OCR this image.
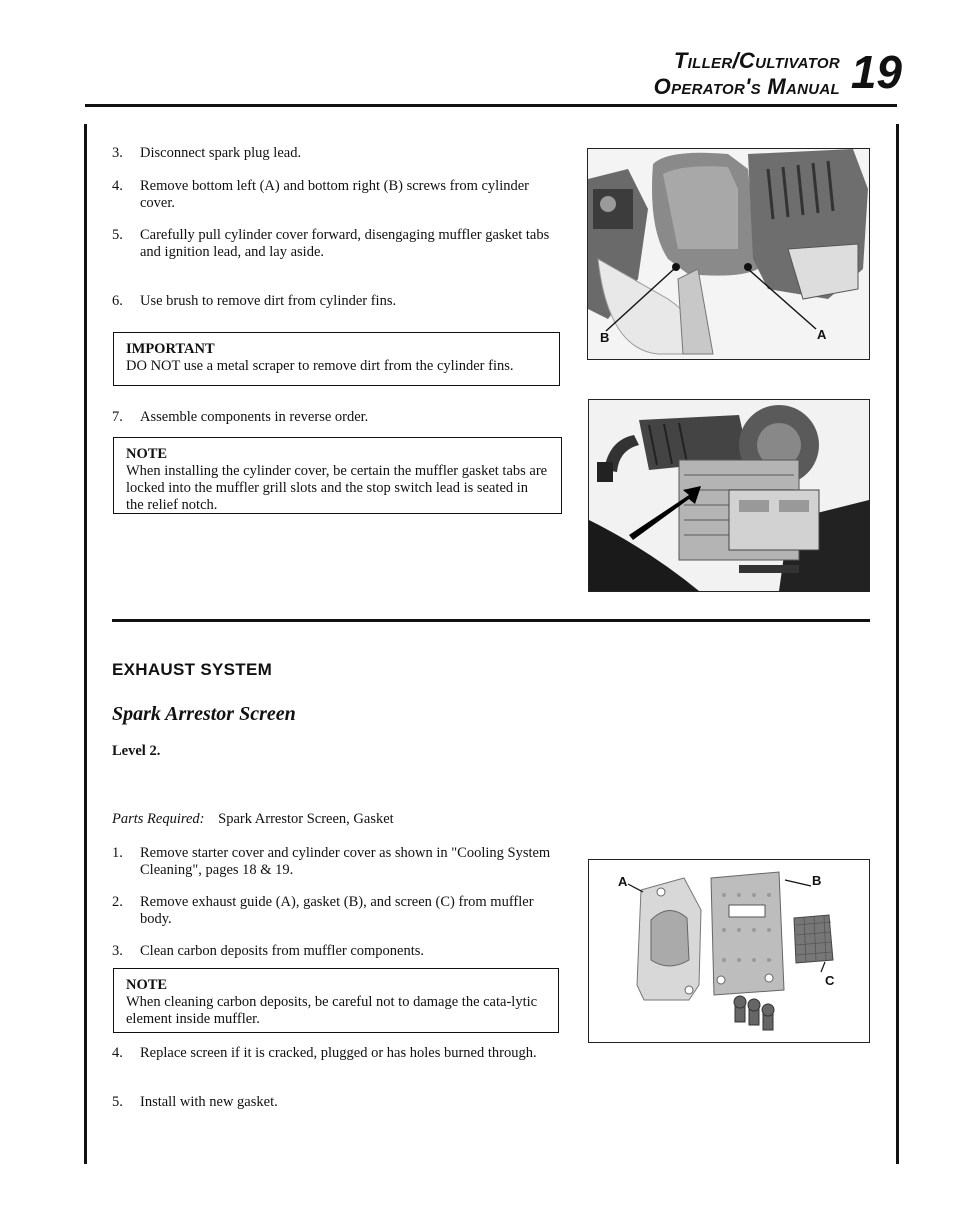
Tiller/Cultivator
Operator's Manual 19
3.	Disconnect spark plug lead.
4.	Remove bottom left (A) and bottom right (B) screws from cylinder cover.
5.	Carefully pull cylinder cover forward, disengaging muffler gasket tabs and ignition lead, and lay aside.
6.	Use brush to remove dirt from cylinder fins.
IMPORTANT
DO NOT use a metal scraper to remove dirt from the cylinder fins.
7.	Assemble components in reverse order.
NOTE
When installing the cylinder cover, be certain the muffler gasket tabs are locked into the muffler grill slots and the stop switch lead is seated in the relief notch.
B	A
EXHAUST SYSTEM
Spark Arrestor Screen
Level 2.
Parts Required: Spark Arrestor Screen, Gasket
1.	Remove starter cover and cylinder cover as shown in "Cooling System Cleaning", pages 18 & 19.
2.	Remove exhaust guide (A), gasket (B), and screen (C) from muffler body.
3.	Clean carbon deposits from muffler components.
NOTE
When cleaning carbon deposits, be careful not to damage the cata-lytic element inside muffler.
4.	Replace screen if it is cracked, plugged or has holes burned through.
5.	Install with new gasket.
A	B
C
